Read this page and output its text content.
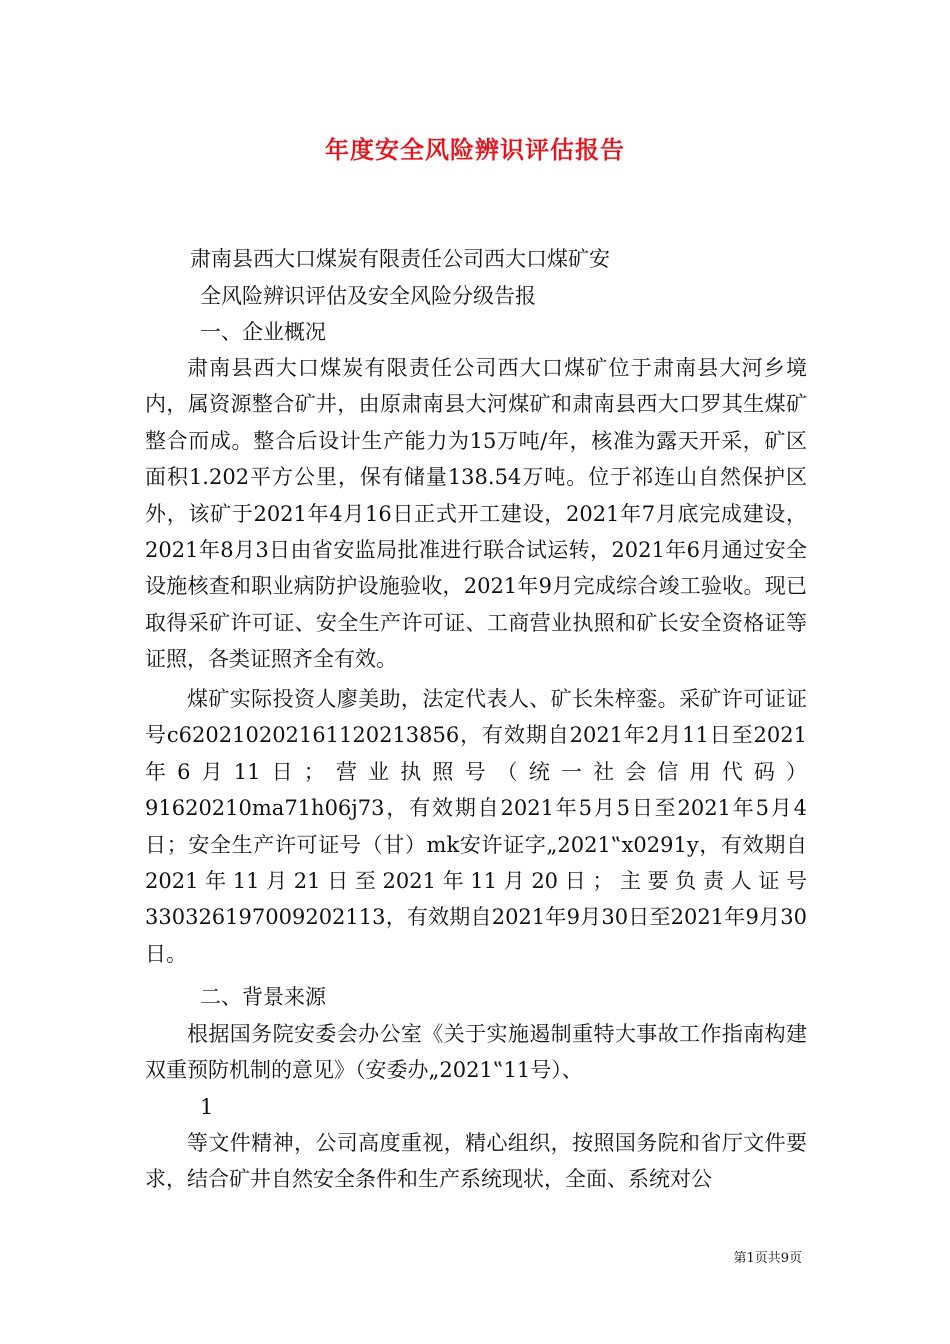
年度安全风险辨识评估报告
肃南县西大口煤炭有限责任公司西大口煤矿安
全风险辨识评估及安全风险分级告报
一、企业概况

肃南县西大口煤炭有限责任公司西大口煤矿位于肃南县大河乡境内，属资源整合矿井，由原肃南县大河煤矿和肃南县西大口罗其生煤矿整合而成。整合后设计生产能力为15万吨/年，核准为露天开采，矿区面积1.202平方公里，保有储量138.54万吨。位于祁连山自然保护区外，该矿于2021年4月16日正式开工建设，2021年7月底完成建设，2021年8月3日由省安监局批准进行联合试运转，2021年6月通过安全设施核查和职业病防护设施验收，2021年9月完成综合竣工验收。现已取得采矿许可证、安全生产许可证、工商营业执照和矿长安全资格证等证照，各类证照齐全有效。

煤矿实际投资人廖美助，法定代表人、矿长朱梓銮。采矿许可证证号c6202102021611202138​56，有效期自2021年2月11日至2021年6月11日；营业执照号（统一社会信用代码）91620210ma71h06j73，有效期自2021年5月5日至2021年5月4日；安全生产许可证号（甘）mk安许证字„2021‟x0291y，有效期自2021年11月21日至2021年11月20日；主要负责人证号330326197009202113，有效期自2021年9月30日至2021年9月30日。

二、背景来源

根据国务院安委会办公室《关于实施遏制重特大事故工作指南构建双重预防机制的意见》（安委办„2021‟11号）、

1

等文件精神，公司高度重视，精心组织，按照国务院和省厅文件要求，结合矿井自然安全条件和生产系统现状，全面、系统对公

第1页共9页
